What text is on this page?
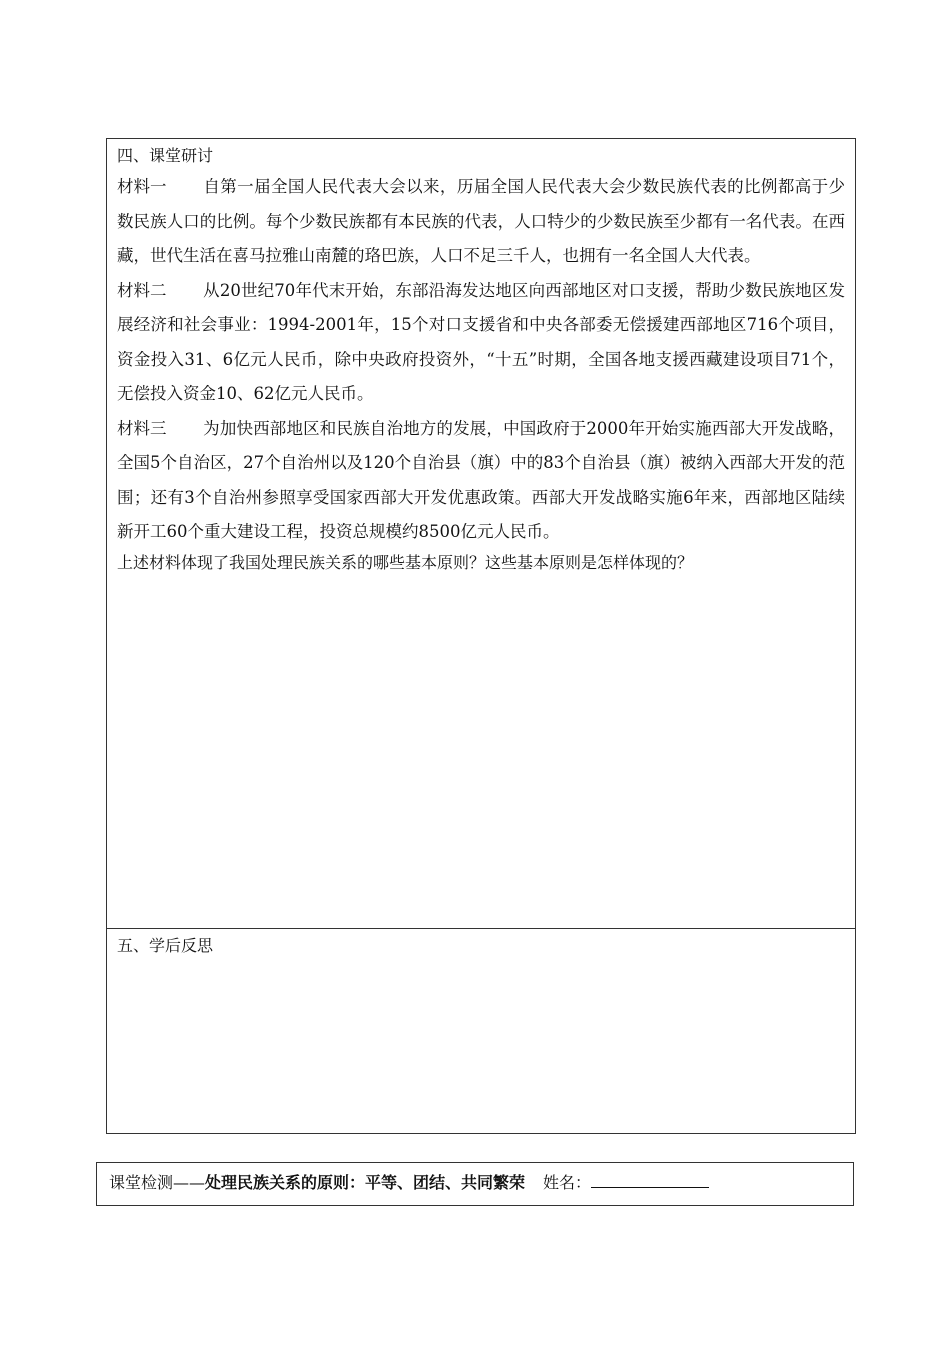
四、课堂研讨

材料一 自第一届全国人民代表大会以来，历届全国人民代表大会少数民族代表的比例都高于少数民族人口的比例。每个少数民族都有本民族的代表，人口特少的少数民族至少都有一名代表。在西藏，世代生活在喜马拉雅山南麓的珞巴族，人口不足三千人，也拥有一名全国人大代表。

材料二 从20世纪70年代末开始，东部沿海发达地区向西部地区对口支援，帮助少数民族地区发展经济和社会事业：1994-2001年，15个对口支援省和中央各部委无偿援建西部地区716个项目，资金投入31、6亿元人民币，除中央政府投资外，“十五”时期，全国各地支援西藏建设项目71个，无偿投入资金10、62亿元人民币。

材料三 为加快西部地区和民族自治地方的发展，中国政府于2000年开始实施西部大开发战略，全国5个自治区，27个自治州以及120个自治县（旗）中的83个自治县（旗）被纳入西部大开发的范围；还有3个自治州参照享受国家西部大开发优惠政策。西部大开发战略实施6年来，西部地区陆续新开工60个重大建设工程，投资总规模约8500亿元人民币。

上述材料体现了我国处理民族关系的哪些基本原则？这些基本原则是怎样体现的？

五、学后反思

课堂检测——处理民族关系的原则：平等、团结、共同繁荣 姓名：
